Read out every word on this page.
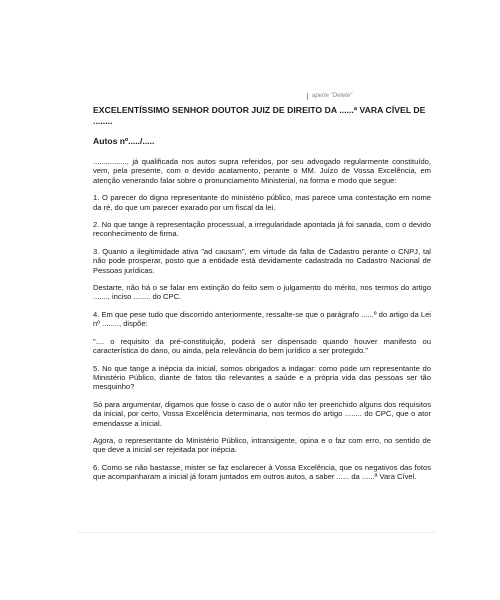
aperte "Delete"
EXCELENTÍSSIMO SENHOR DOUTOR JUIZ DE DIREITO DA ......ª VARA CÍVEL DE ........
Autos nº...../.....

................, já qualificada nos autos supra referidos, por seu advogado regularmente constituído, vem, pela presente, com o devido acatamento, perante o MM. Juízo de Vossa Excelência, em atenção venerando falar sobre o pronunciamento Ministerial, na forma e modo que segue:

1. O parecer do digno representante do ministério público, mas parece uma contestação em nome da ré, do que um parecer exarado por um fiscal da lei.

2. No que tange à representação processual, a irregularidade apontada já foi sanada, com o devido reconhecimento de firma.

3. Quanto a ilegitimidade ativa "ad causam", em virtude da falta de Cadastro perante o CNPJ, tal não pode prosperar, posto que a entidade está devidamente cadastrada no Cadastro Nacional de Pessoas jurídicas.

Destarte, não há o se falar em extinção do feito sem o julgamento do mérito, nos termos do artigo ......., inciso ........ do CPC.

4. Em que pese tudo que discorrido anteriormente, ressalte-se que o parágrafo ......º do artigo da Lei nº ........, dispõe:

".... o requisito da pré-constituição, poderá ser dispensado quando houver manifesto ou característica do dano, ou ainda, pela relevância do bem jurídico a ser protegido."

5. No que tange a inépcia da inicial, somos obrigados a indagar: como pode um representante do Ministério Público, diante de fatos tão relevantes a saúde e a própria vida das pessoas ser tão mesquinho?

Só para argumentar, digamos que fosse o caso de o autor não ter preenchido alguns dos requisitos da inicial, por certo, Vossa Excelência determinaria, nos termos do artigo ........ do CPC, que o ator emendasse a inicial.

Agora, o representante do Ministério Público, intransigente, opina e o faz com erro, no sentido de que deve a inicial ser rejeitada por inépcia.

6. Como se não bastasse, mister se faz esclarecer à Vossa Excelência, que os negativos das fotos que acompanharam a inicial já foram juntados em outros autos, a saber ...... da ......ª Vara Cível.
